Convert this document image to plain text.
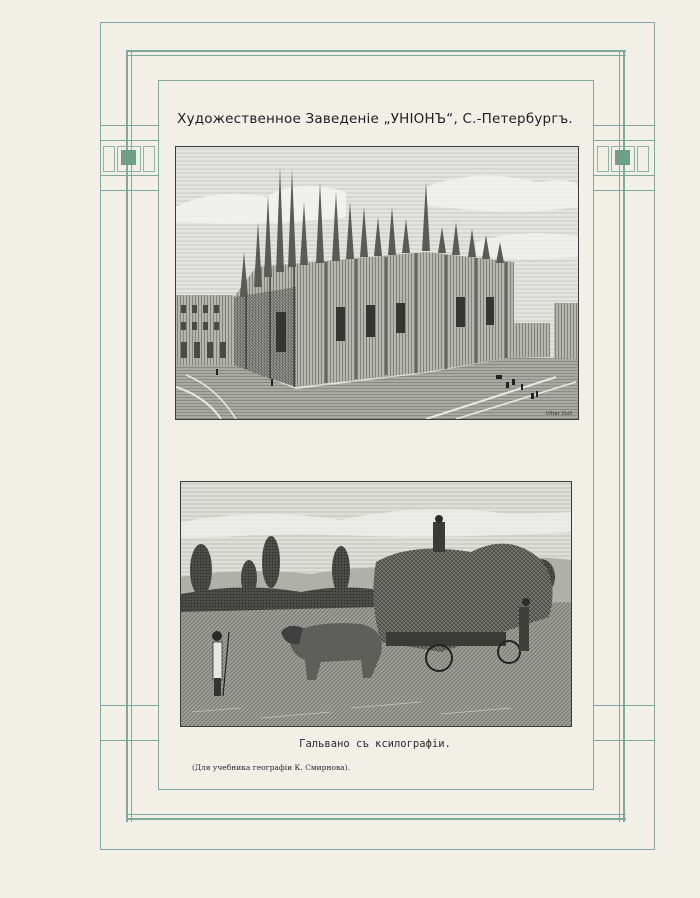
Художественное Заведеніе „УНІОНЪ“, С.-Петербургъ.
Vitter Vuill
Гальвано съ ксилографіи.
(Для учебника географіи К. Смирнова).
